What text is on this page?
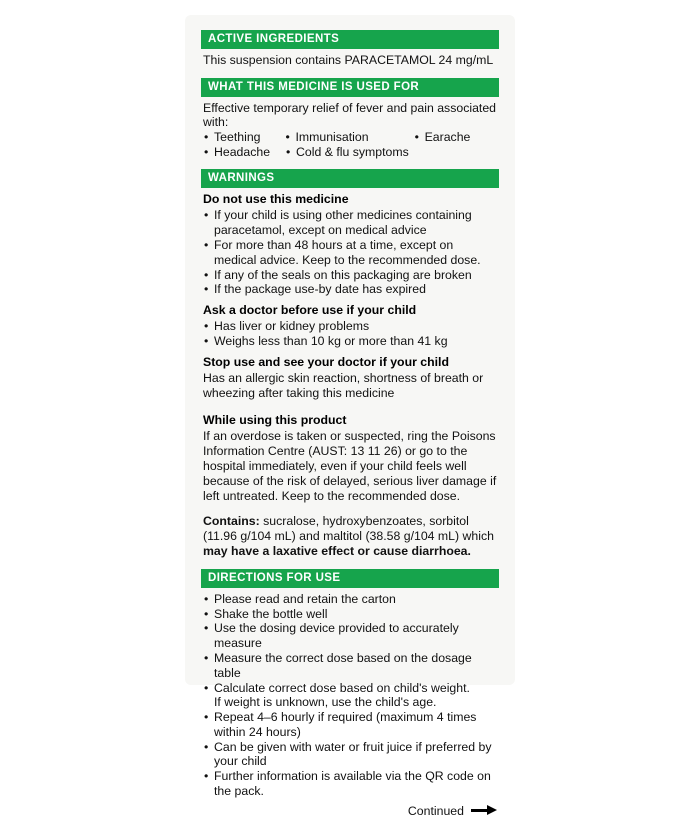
ACTIVE INGREDIENTS
This suspension contains PARACETAMOL 24 mg/mL
WHAT THIS MEDICINE IS USED FOR
Effective temporary relief of fever and pain associated with:
• Teething	• Immunisation	• Earache
• Headache	• Cold & flu symptoms
WARNINGS
Do not use this medicine
• If your child is using other medicines containing paracetamol, except on medical advice
• For more than 48 hours at a time, except on medical advice. Keep to the recommended dose.
• If any of the seals on this packaging are broken
• If the package use-by date has expired
Ask a doctor before use if your child
• Has liver or kidney problems
• Weighs less than 10 kg or more than 41 kg
Stop use and see your doctor if your child
Has an allergic skin reaction, shortness of breath or wheezing after taking this medicine
While using this product
If an overdose is taken or suspected, ring the Poisons Information Centre (AUST: 13 11 26) or go to the hospital immediately, even if your child feels well because of the risk of delayed, serious liver damage if left untreated. Keep to the recommended dose.
Contains: sucralose, hydroxybenzoates, sorbitol (11.96 g/104 mL) and maltitol (38.58 g/104 mL) which may have a laxative effect or cause diarrhoea.
DIRECTIONS FOR USE
• Please read and retain the carton
• Shake the bottle well
• Use the dosing device provided to accurately measure
• Measure the correct dose based on the dosage table
• Calculate correct dose based on child's weight.
If weight is unknown, use the child's age.
• Repeat 4–6 hourly if required (maximum 4 times within 24 hours)
• Can be given with water or fruit juice if preferred by your child
• Further information is available via the QR code on the pack.
Continued
